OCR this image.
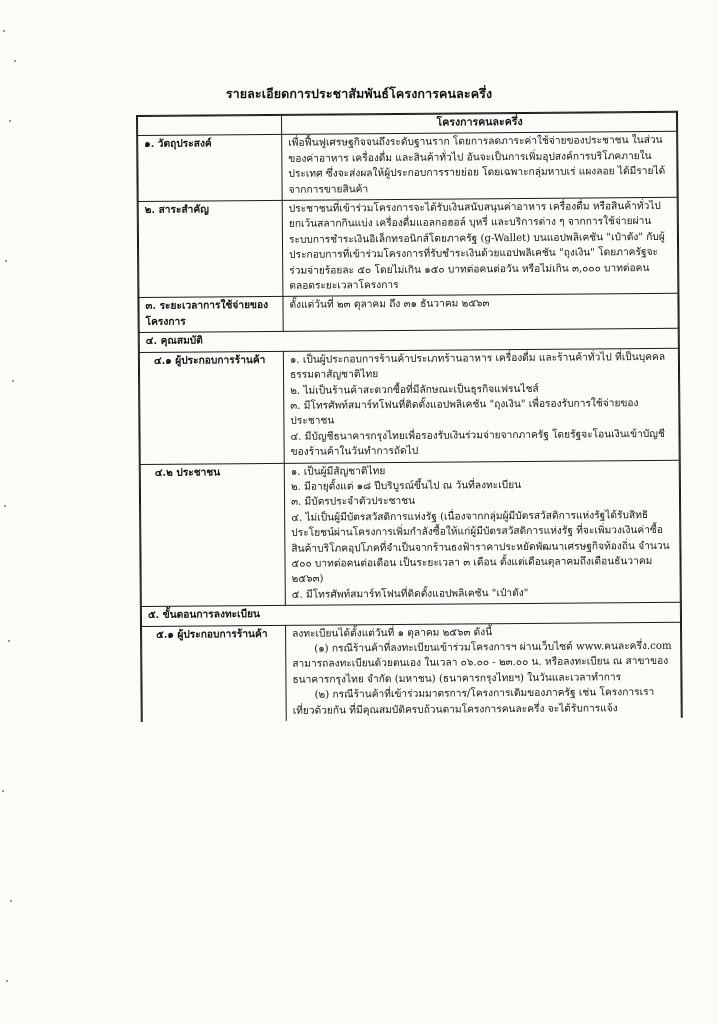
รายละเอียดการประชาสัมพันธ์โครงการคนละครึ่ง
	โครงการคนละครึ่ง
๑. วัตถุประสงค์	เพื่อฟื้นฟูเศรษฐกิจจนถึงระดับฐานราก โดยการลดภาระค่าใช้จ่ายของประชาชน ในส่วนของค่าอาหาร เครื่องดื่ม และสินค้าทั่วไป อันจะเป็นการเพิ่มอุปสงค์การบริโภคภายในประเทศ ซึ่งจะส่งผลให้ผู้ประกอบการรายย่อย โดยเฉพาะกลุ่มหาบเร่ แผงลอย ได้มีรายได้จากการขายสินค้า

๒. สาระสำคัญ	ประชาชนที่เข้าร่วมโครงการจะได้รับเงินสนับสนุนค่าอาหาร เครื่องดื่ม หรือสินค้าทั่วไป ยกเว้นสลากกินแบ่ง เครื่องดื่มแอลกอฮอล์ บุหรี่ และบริการต่าง ๆ จากการใช้จ่ายผ่านระบบการชำระเงินอิเล็กทรอนิกส์โดยภาครัฐ (g-Wallet) บนแอปพลิเคชัน "เป๋าตัง" กับผู้ประกอบการที่เข้าร่วมโครงการที่รับชำระเงินด้วยแอปพลิเคชัน "ถุงเงิน" โดยภาครัฐจะร่วมจ่ายร้อยละ ๕๐ โดยไม่เกิน ๑๕๐ บาทต่อคนต่อวัน หรือไม่เกิน ๓,๐๐๐ บาทต่อคนตลอดระยะเวลาโครงการ

๓. ระยะเวลาการใช้จ่ายของโครงการ	ตั้งแต่วันที่ ๒๓ ตุลาคม ถึง ๓๑ ธันวาคม ๒๕๖๓

๔. คุณสมบัติ	
๔.๑ ผู้ประกอบการร้านค้า	๑. เป็นผู้ประกอบการร้านค้าประเภทร้านอาหาร เครื่องดื่ม และร้านค้าทั่วไป ที่เป็นบุคคลธรรมดาสัญชาติไทย
๒. ไม่เป็นร้านค้าสะดวกซื้อที่มีลักษณะเป็นธุรกิจแฟรนไชส์
๓. มีโทรศัพท์สมาร์ทโฟนที่ติดตั้งแอปพลิเคชัน "ถุงเงิน" เพื่อรองรับการใช้จ่ายของประชาชน
๔. มีบัญชีธนาคารกรุงไทยเพื่อรองรับเงินร่วมจ่ายจากภาครัฐ โดยรัฐจะโอนเงินเข้าบัญชีของร้านค้าในวันทำการถัดไป

๔.๒ ประชาชน	๑. เป็นผู้มีสัญชาติไทย
๒. มีอายุตั้งแต่ ๑๘ ปีบริบูรณ์ขึ้นไป ณ วันที่ลงทะเบียน
๓. มีบัตรประจำตัวประชาชน
๔. ไม่เป็นผู้มีบัตรสวัสดิการแห่งรัฐ (เนื่องจากกลุ่มผู้มีบัตรสวัสดิการแห่งรัฐได้รับสิทธิประโยชน์ผ่านโครงการเพิ่มกำลังซื้อให้แก่ผู้มีบัตรสวัสดิการแห่งรัฐ ที่จะเพิ่มวงเงินค่าซื้อสินค้าบริโภคอุปโภคที่จำเป็นจากร้านธงฟ้าราคาประหยัดพัฒนาเศรษฐกิจท้องถิ่น จำนวน ๕๐๐ บาทต่อคนต่อเดือน เป็นระยะเวลา ๓ เดือน ตั้งแต่เดือนตุลาคมถึงเดือนธันวาคม ๒๕๖๓)
๕. มีโทรศัพท์สมาร์ทโฟนที่ติดตั้งแอปพลิเคชัน "เป๋าตัง"

๕. ขั้นตอนการลงทะเบียน	
๕.๑ ผู้ประกอบการร้านค้า	ลงทะเบียนได้ตั้งแต่วันที่ ๑ ตุลาคม ๒๕๖๓ ดังนี้

(๑) กรณีร้านค้าที่ลงทะเบียนเข้าร่วมโครงการฯ ผ่านเว็บไซต์ www.คนละครึ่ง.com สามารถลงทะเบียนด้วยตนเอง ในเวลา ๐๖.๐๐ - ๒๓.๐๐ น. หรือลงทะเบียน ณ สาขาของธนาคารกรุงไทย จำกัด (มหาชน) (ธนาคารกรุงไทยฯ) ในวันและเวลาทำการ

(๒) กรณีร้านค้าที่เข้าร่วมมาตรการ/โครงการเดิมของภาครัฐ เช่น โครงการเราเที่ยวด้วยกัน ที่มีคุณสมบัติครบถ้วนตามโครงการคนละครึ่ง จะได้รับการแจ้ง
